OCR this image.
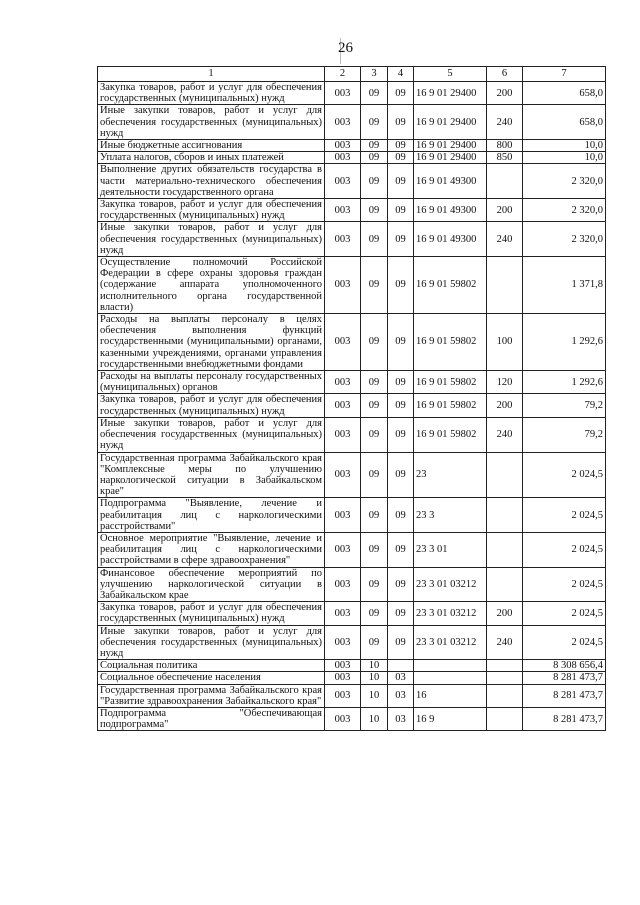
26
1	2	3	4	5	6	7
Закупка товаров, работ и услуг для обеспечения государственных (муниципальных) нужд	003	09	09	16 9 01 29400	200	658,0
Иные закупки товаров, работ и услуг для обеспечения государственных (муниципальных) нужд	003	09	09	16 9 01 29400	240	658,0
Иные бюджетные ассигнования	003	09	09	16 9 01 29400	800	10,0
Уплата налогов, сборов и иных платежей	003	09	09	16 9 01 29400	850	10,0
Выполнение других обязательств государства в части материально-технического обеспечения деятельности государственного органа	003	09	09	16 9 01 49300		2 320,0
Закупка товаров, работ и услуг для обеспечения государственных (муниципальных) нужд	003	09	09	16 9 01 49300	200	2 320,0
Иные закупки товаров, работ и услуг для обеспечения государственных (муниципальных) нужд	003	09	09	16 9 01 49300	240	2 320,0
Осуществление полномочий Российской Федерации в сфере охраны здоровья граждан (содержание аппарата уполномоченного исполнительного органа государственной власти)	003	09	09	16 9 01 59802		1 371,8
Расходы на выплаты персоналу в целях обеспечения выполнения функций государственными (муниципальными) органами, казенными учреждениями, органами управления государственными внебюджетными фондами	003	09	09	16 9 01 59802	100	1 292,6
Расходы на выплаты персоналу государственных (муниципальных) органов	003	09	09	16 9 01 59802	120	1 292,6
Закупка товаров, работ и услуг для обеспечения государственных (муниципальных) нужд	003	09	09	16 9 01 59802	200	79,2
Иные закупки товаров, работ и услуг для обеспечения государственных (муниципальных) нужд	003	09	09	16 9 01 59802	240	79,2
Государственная программа Забайкальского края "Комплексные меры по улучшению наркологической ситуации в Забайкальском крае"	003	09	09	23		2 024,5
Подпрограмма "Выявление, лечение и реабилитация лиц с наркологическими расстройствами"	003	09	09	23 3		2 024,5
Основное мероприятие "Выявление, лечение и реабилитация лиц с наркологическими расстройствами в сфере здравоохранения"	003	09	09	23 3 01		2 024,5
Финансовое обеспечение мероприятий по улучшению наркологической ситуации в Забайкальском крае	003	09	09	23 3 01 03212		2 024,5
Закупка товаров, работ и услуг для обеспечения государственных (муниципальных) нужд	003	09	09	23 3 01 03212	200	2 024,5
Иные закупки товаров, работ и услуг для обеспечения государственных (муниципальных) нужд	003	09	09	23 3 01 03212	240	2 024,5
Социальная политика	003	10				8 308 656,4
Социальное обеспечение населения	003	10	03			8 281 473,7
Государственная программа Забайкальского края "Развитие здравоохранения Забайкальского края"	003	10	03	16		8 281 473,7
Подпрограмма "Обеспечивающая подпрограмма"	003	10	03	16 9		8 281 473,7
